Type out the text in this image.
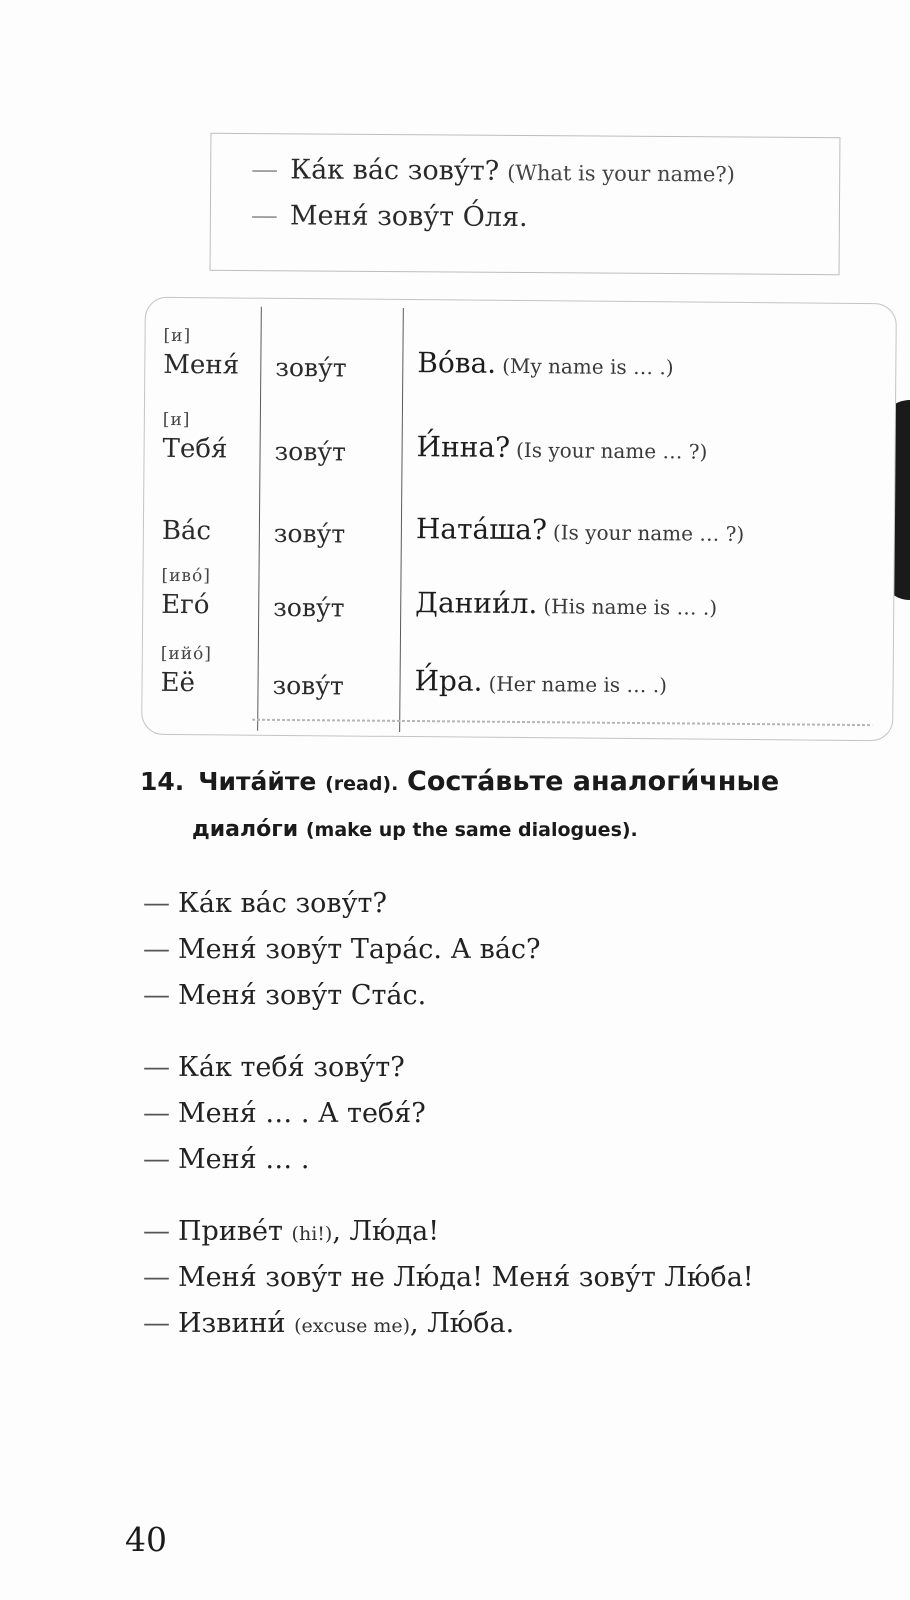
— Ка́к ва́с зову́т? (What is your name?)
— Меня́ зову́т О́ля.
[и]
Меня́	зову́т	Во́ва. (My name is … .)
[и]
Тебя́	зову́т	И́нна? (Is your name … ?)
Ва́с	зову́т	Ната́ша? (Is your name … ?)
[иво́]
Его́	зову́т	Дании́л. (His name is … .)
[ийо́]
Её	зову́т	И́ра. (Her name is … .)
14. Чита́йте (read). Соста́вьте аналоги́чные
диало́ги (make up the same dialogues).
— Ка́к ва́с зову́т?
— Меня́ зову́т Тара́с. А ва́с?
— Меня́ зову́т Ста́с.
— Ка́к тебя́ зову́т?
— Меня́ … . А тебя́?
— Меня́ … .
— Приве́т (hi!), Лю́да!
— Меня́ зову́т не Лю́да! Меня́ зову́т Лю́ба!
— Извини́ (excuse me), Лю́ба.
40
